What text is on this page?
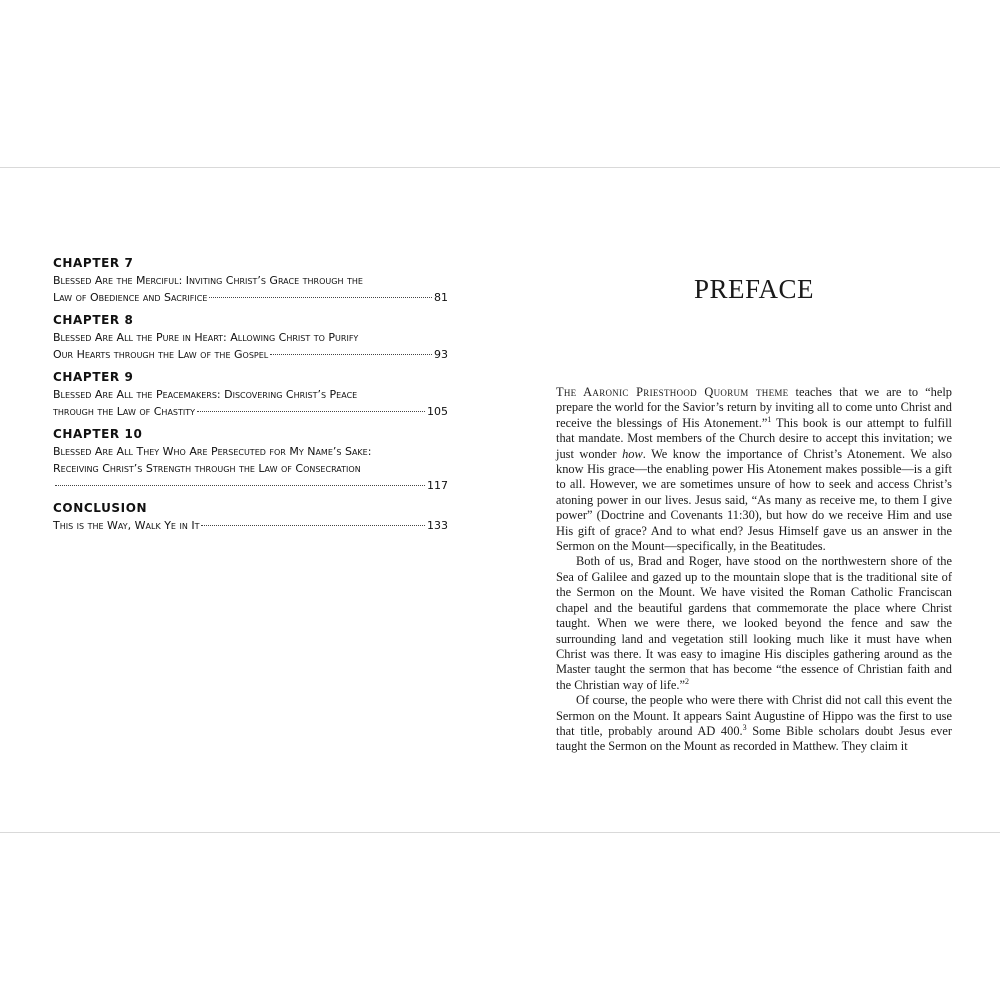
CHAPTER 7
Blessed Are the Merciful: Inviting Christ’s Grace through the
Law of Obedience and Sacrifice	81
CHAPTER 8
Blessed Are All the Pure in Heart: Allowing Christ to Purify
Our Hearts through the Law of the Gospel	93
CHAPTER 9
Blessed Are All the Peacemakers: Discovering Christ’s Peace
through the Law of Chastity	105
CHAPTER 10
Blessed Are All They Who Are Persecuted for My Name’s Sake:
Receiving Christ’s Strength through the Law of Consecration
117
CONCLUSION
This is the Way, Walk Ye in It	133
PREFACE

The Aaronic Priesthood Quorum theme teaches that we are to “help prepare the world for the Savior’s return by inviting all to come unto Christ and receive the blessings of His Atonement.”$^1$ This book is our attempt to fulfill that mandate. Most members of the Church desire to accept this invitation; we just wonder how. We know the importance of Christ’s Atonement. We also know His grace—the enabling power His Atonement makes possible—is a gift to all. However, we are sometimes unsure of how to seek and access Christ’s atoning power in our lives. Jesus said, “As many as receive me, to them I give power” (Doctrine and Covenants 11:30), but how do we receive Him and use His gift of grace? And to what end? Jesus Himself gave us an answer in the Sermon on the Mount—specifically, in the Beatitudes.

Both of us, Brad and Roger, have stood on the northwestern shore of the Sea of Galilee and gazed up to the mountain slope that is the traditional site of the Sermon on the Mount. We have visited the Roman Catholic Franciscan chapel and the beautiful gardens that commemorate the place where Christ taught. When we were there, we looked beyond the fence and saw the surrounding land and vegetation still looking much like it must have when Christ was there. It was easy to imagine His disciples gathering around as the Master taught the sermon that has become “the essence of Christian faith and the Christian way of life.”$^2$

Of course, the people who were there with Christ did not call this event the Sermon on the Mount. It appears Saint Augustine of Hippo was the first to use that title, probably around AD 400.$^3$ Some Bible scholars doubt Jesus ever taught the Sermon on the Mount as recorded in Matthew. They claim it
